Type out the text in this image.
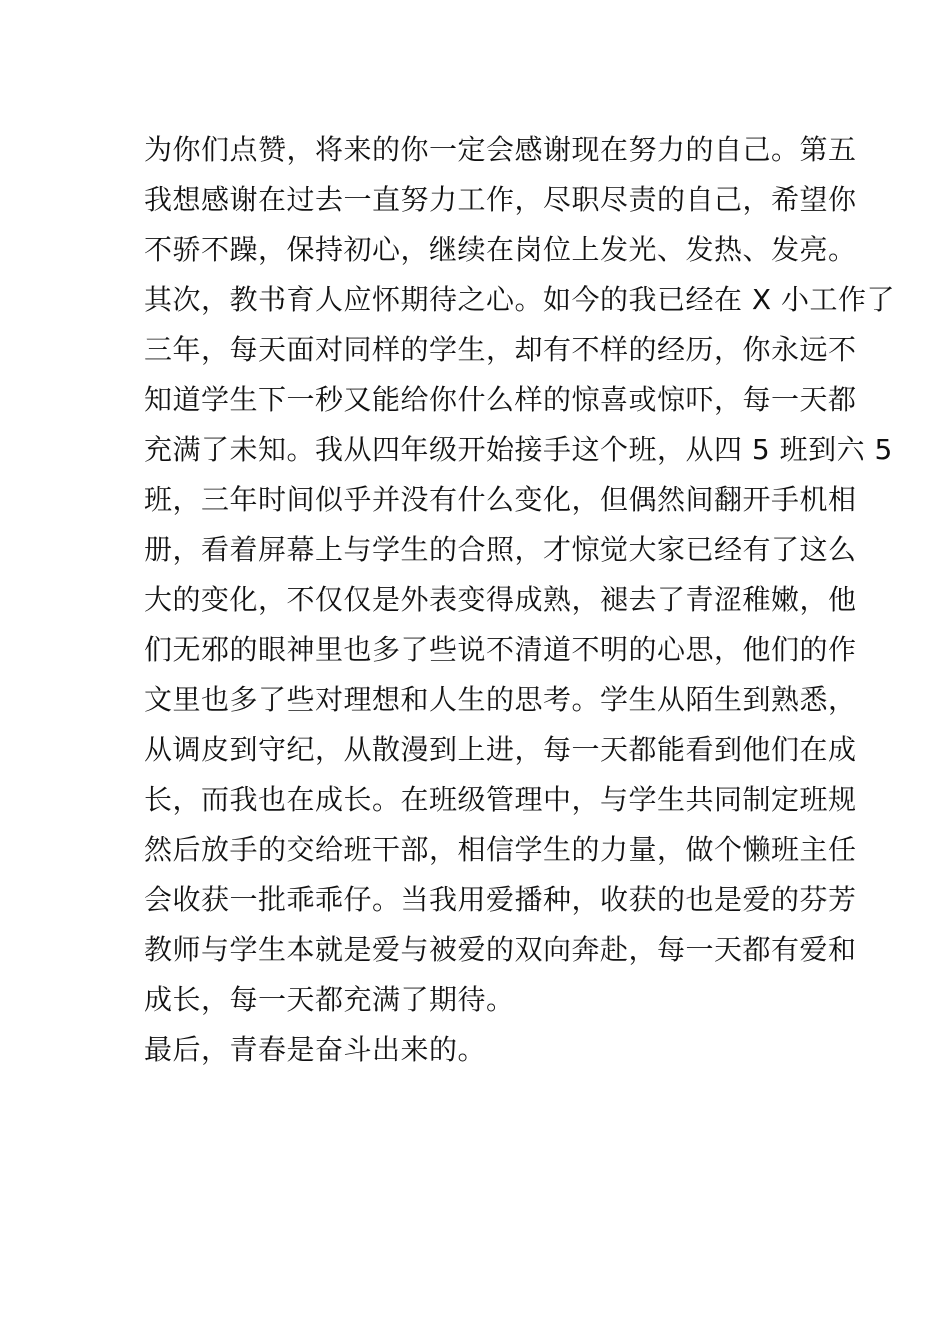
为你们点赞，将来的你一定会感谢现在努力的自己。第五
我想感谢在过去一直努力工作，尽职尽责的自己，希望你
不骄不躁，保持初心，继续在岗位上发光、发热、发亮。
其次，教书育人应怀期待之心。如今的我已经在 X 小工作了
三年，每天面对同样的学生，却有不样的经历，你永远不
知道学生下一秒又能给你什么样的惊喜或惊吓，每一天都
充满了未知。我从四年级开始接手这个班，从四 5 班到六 5
班，三年时间似乎并没有什么变化，但偶然间翻开手机相
册，看着屏幕上与学生的合照，才惊觉大家已经有了这么
大的变化，不仅仅是外表变得成熟，褪去了青涩稚嫩，他
们无邪的眼神里也多了些说不清道不明的心思，他们的作
文里也多了些对理想和人生的思考。学生从陌生到熟悉，
从调皮到守纪，从散漫到上进，每一天都能看到他们在成
长，而我也在成长。在班级管理中，与学生共同制定班规
然后放手的交给班干部，相信学生的力量，做个懒班主任
会收获一批乖乖仔。当我用爱播种，收获的也是爱的芬芳
教师与学生本就是爱与被爱的双向奔赴，每一天都有爱和
成长，每一天都充满了期待。
最后，青春是奋斗出来的。
